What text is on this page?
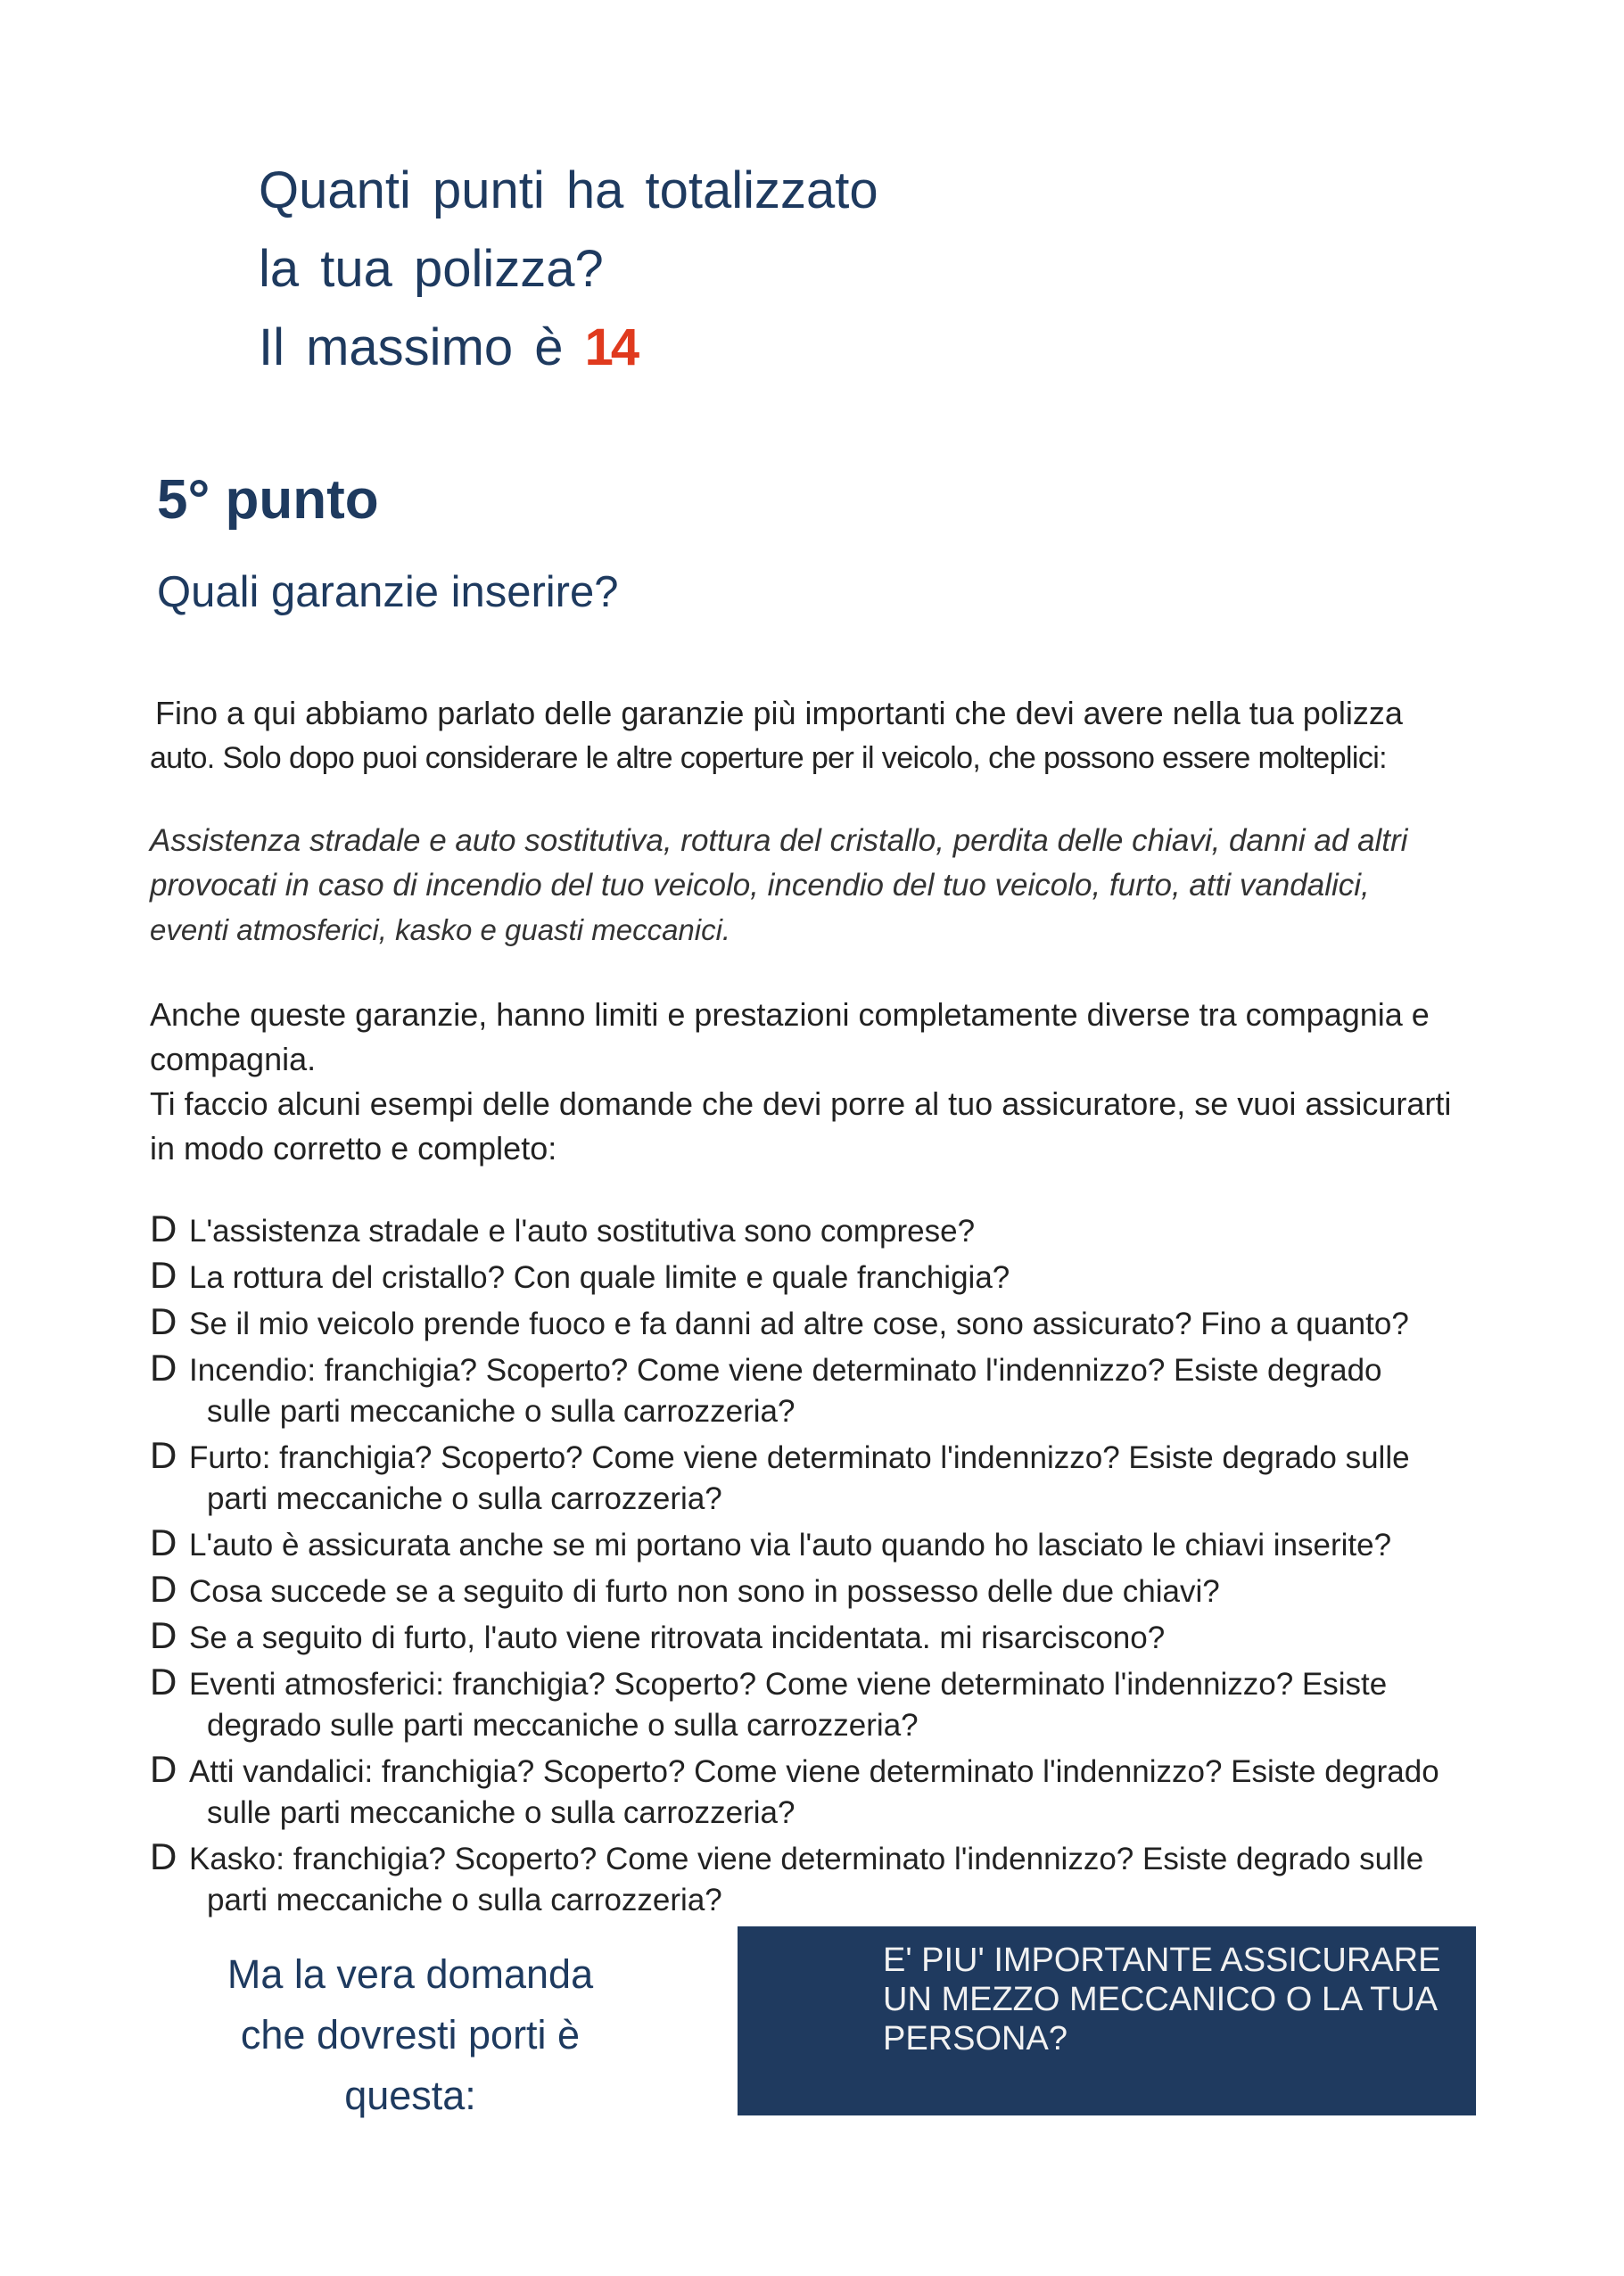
Quanti punti ha totalizzato
la tua polizza?
Il massimo è 14
5° punto
Quali garanzie inserire?
Fino a qui abbiamo parlato delle garanzie più importanti che devi avere nella tua polizza
auto. Solo dopo puoi considerare le altre coperture per il veicolo, che possono essere molteplici:
Assistenza stradale e auto sostitutiva, rottura del cristallo, perdita delle chiavi, danni ad altri
provocati in caso di incendio del tuo veicolo, incendio del tuo veicolo, furto, atti vandalici,
eventi atmosferici, kasko e guasti meccanici.
Anche queste garanzie, hanno limiti e prestazioni completamente diverse tra compagnia e
compagnia.
Ti faccio alcuni esempi delle domande che devi porre al tuo assicuratore, se vuoi assicurarti
in modo corretto e completo:
D L'assistenza stradale e l'auto sostitutiva sono comprese?
D La rottura del cristallo? Con quale limite e quale franchigia?
D Se il mio veicolo prende fuoco e fa danni ad altre cose, sono assicurato? Fino a quanto?
D Incendio: franchigia? Scoperto? Come viene determinato l'indennizzo? Esiste degrado
sulle parti meccaniche o sulla carrozzeria?
D Furto: franchigia? Scoperto? Come viene determinato l'indennizzo? Esiste degrado sulle
parti meccaniche o sulla carrozzeria?
D L'auto è assicurata anche se mi portano via l'auto quando ho lasciato le chiavi inserite?
D Cosa succede se a seguito di furto non sono in possesso delle due chiavi?
D Se a seguito di furto, l'auto viene ritrovata incidentata. mi risarciscono?
D Eventi atmosferici: franchigia? Scoperto? Come viene determinato l'indennizzo? Esiste
degrado sulle parti meccaniche o sulla carrozzeria?
D Atti vandalici: franchigia? Scoperto? Come viene determinato l'indennizzo? Esiste degrado
sulle parti meccaniche o sulla carrozzeria?
D Kasko: franchigia? Scoperto? Come viene determinato l'indennizzo? Esiste degrado sulle
parti meccaniche o sulla carrozzeria?
Ma la vera domanda
che dovresti porti è
questa:
E' PIU' IMPORTANTE ASSICURARE UN MEZZO MECCANICO O LA TUA PERSONA?
